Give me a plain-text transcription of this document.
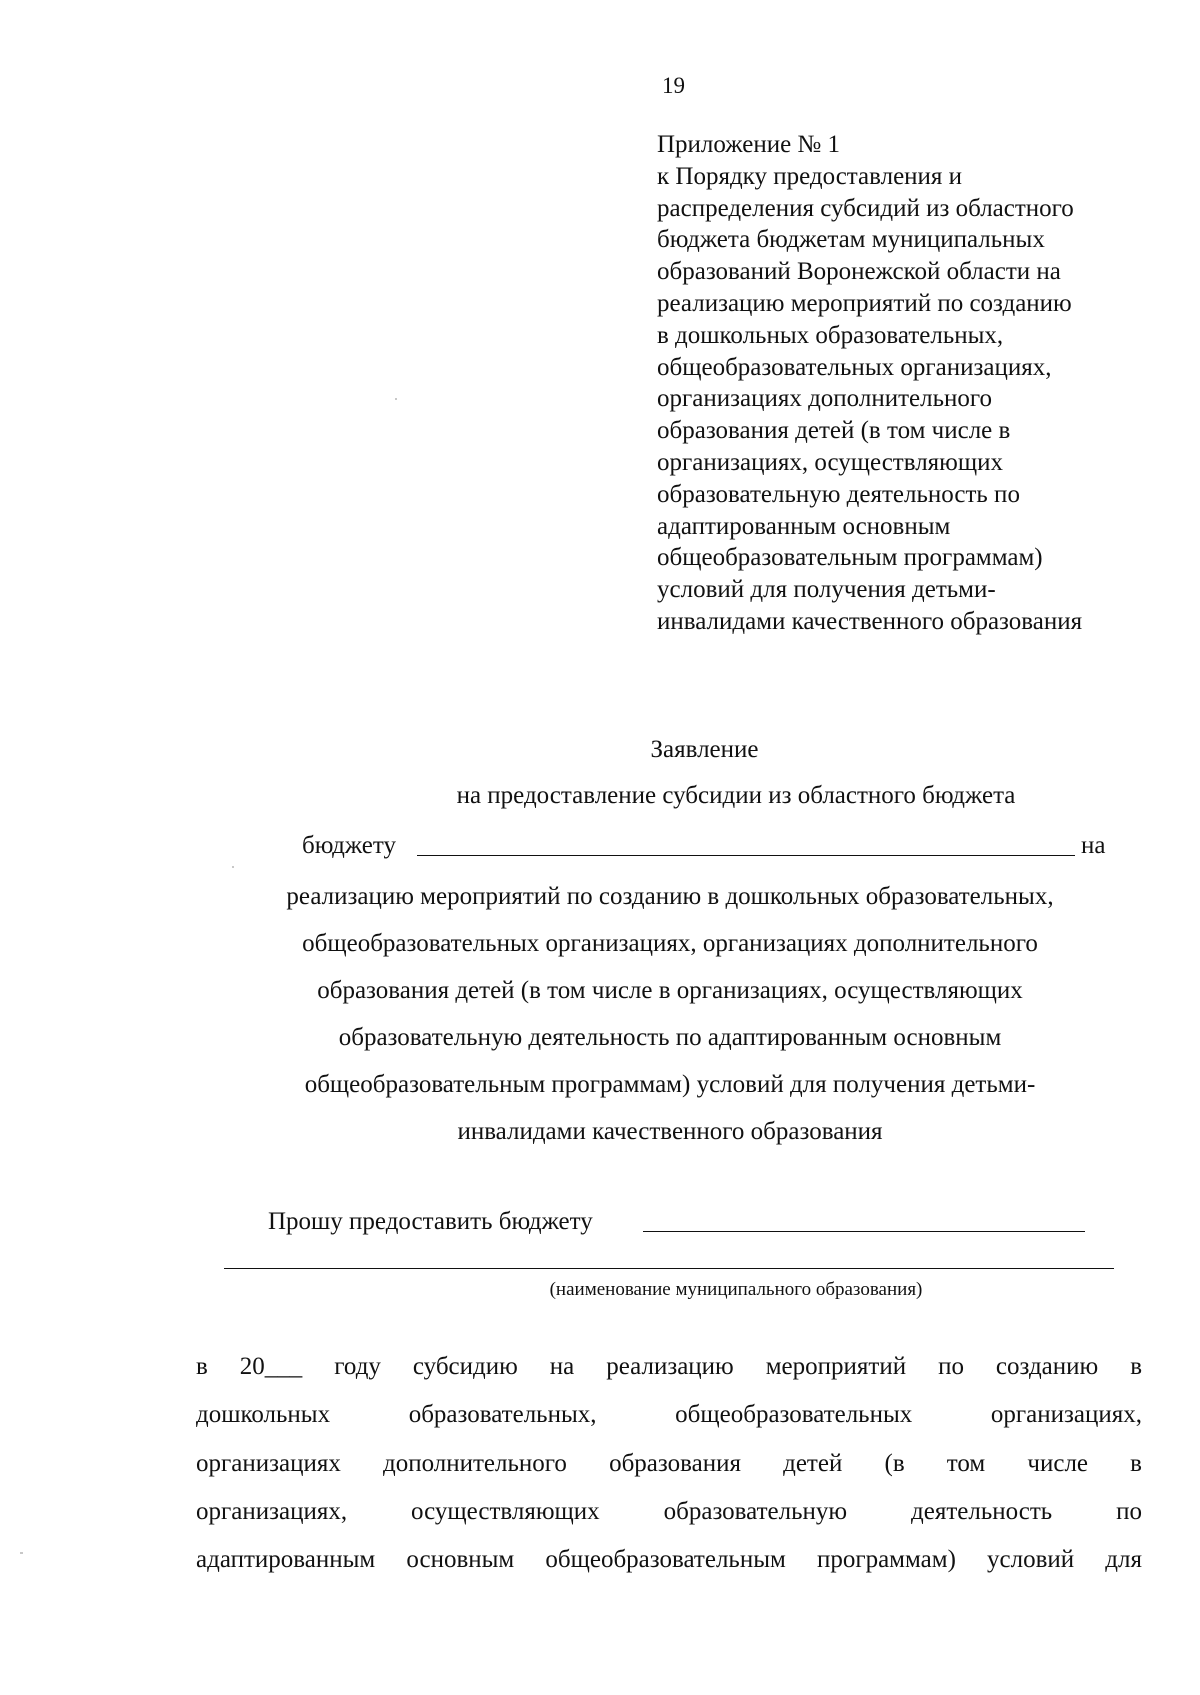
19
Приложение № 1
к Порядку предоставления и
распределения субсидий из областного
бюджета бюджетам муниципальных
образований Воронежской области на
реализацию мероприятий по созданию
в дошкольных образовательных,
общеобразовательных организациях,
организациях дополнительного
образования детей (в том числе в
организациях, осуществляющих
образовательную деятельность по
адаптированным основным
общеобразовательным программам)
условий для получения детьми-
инвалидами качественного образования
Заявление
на предоставление субсидии из областного бюджета
бюджету	на
реализацию мероприятий по созданию в дошкольных образовательных,
общеобразовательных организациях, организациях дополнительного
образования детей (в том числе в организациях, осуществляющих
образовательную деятельность по адаптированным основным
общеобразовательным программам) условий для получения детьми-
инвалидами качественного образования
Прошу предоставить бюджету
(наименование муниципального образования)
в 20___ году субсидию на реализацию мероприятий по созданию в
дошкольных образовательных, общеобразовательных организациях,
организациях дополнительного образования детей (в том числе в
организациях, осуществляющих образовательную деятельность по
адаптированным основным общеобразовательным программам) условий для
